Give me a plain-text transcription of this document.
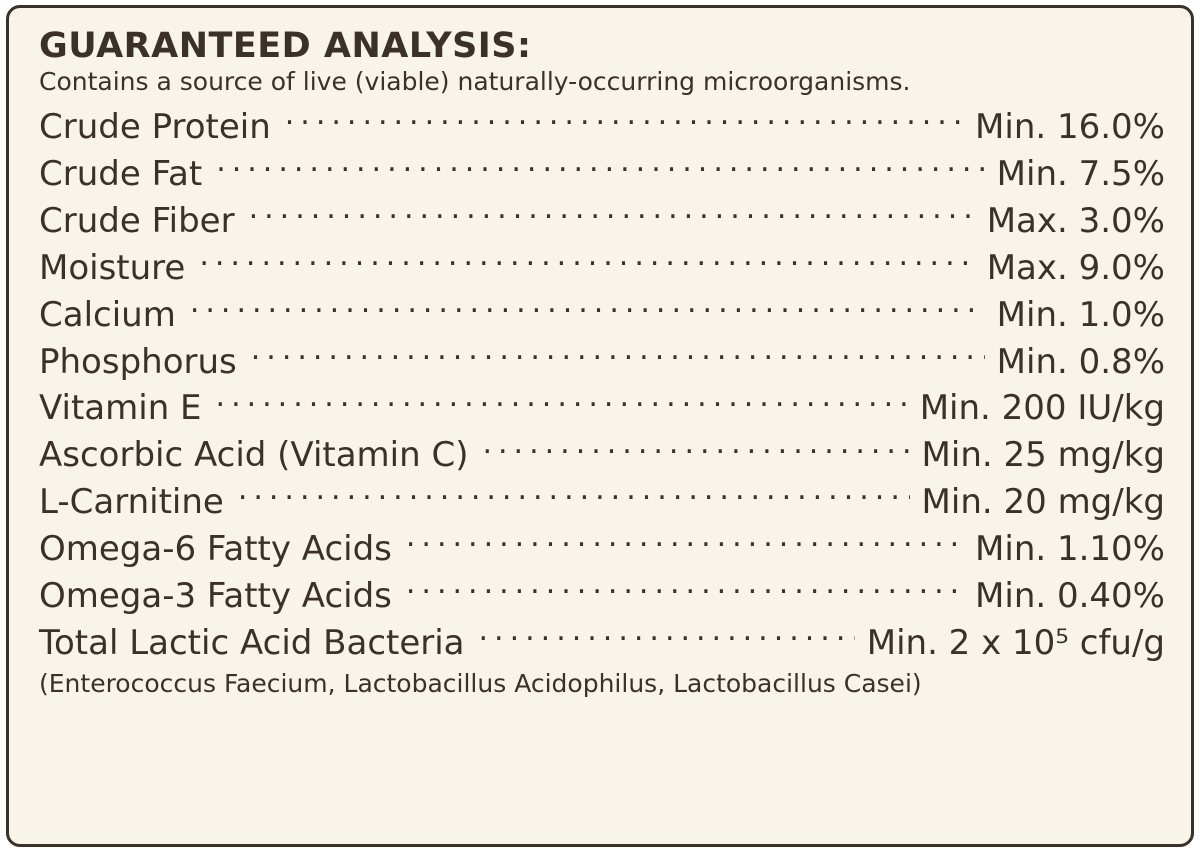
GUARANTEED ANALYSIS:

Contains a source of live (viable) naturally-occurring microorganisms.

Crude Protein .....	Min. 16.0%
Crude Fat .....	Min. 7.5%
Crude Fiber .....	Max. 3.0%
Moisture .....	Max. 9.0%
Calcium .....	Min. 1.0%
Phosphorus .....	Min. 0.8%
Vitamin E .....	Min. 200 IU/kg
Ascorbic Acid (Vitamin C) .....	Min. 25 mg/kg
L-Carnitine .....	Min. 20 mg/kg
Omega-6 Fatty Acids .....	Min. 1.10%
Omega-3 Fatty Acids .....	Min. 0.40%
Total Lactic Acid Bacteria .....	Min. 2 x 10⁵ cfu/g
(Enterococcus Faecium, Lactobacillus Acidophilus, Lactobacillus Casei)
